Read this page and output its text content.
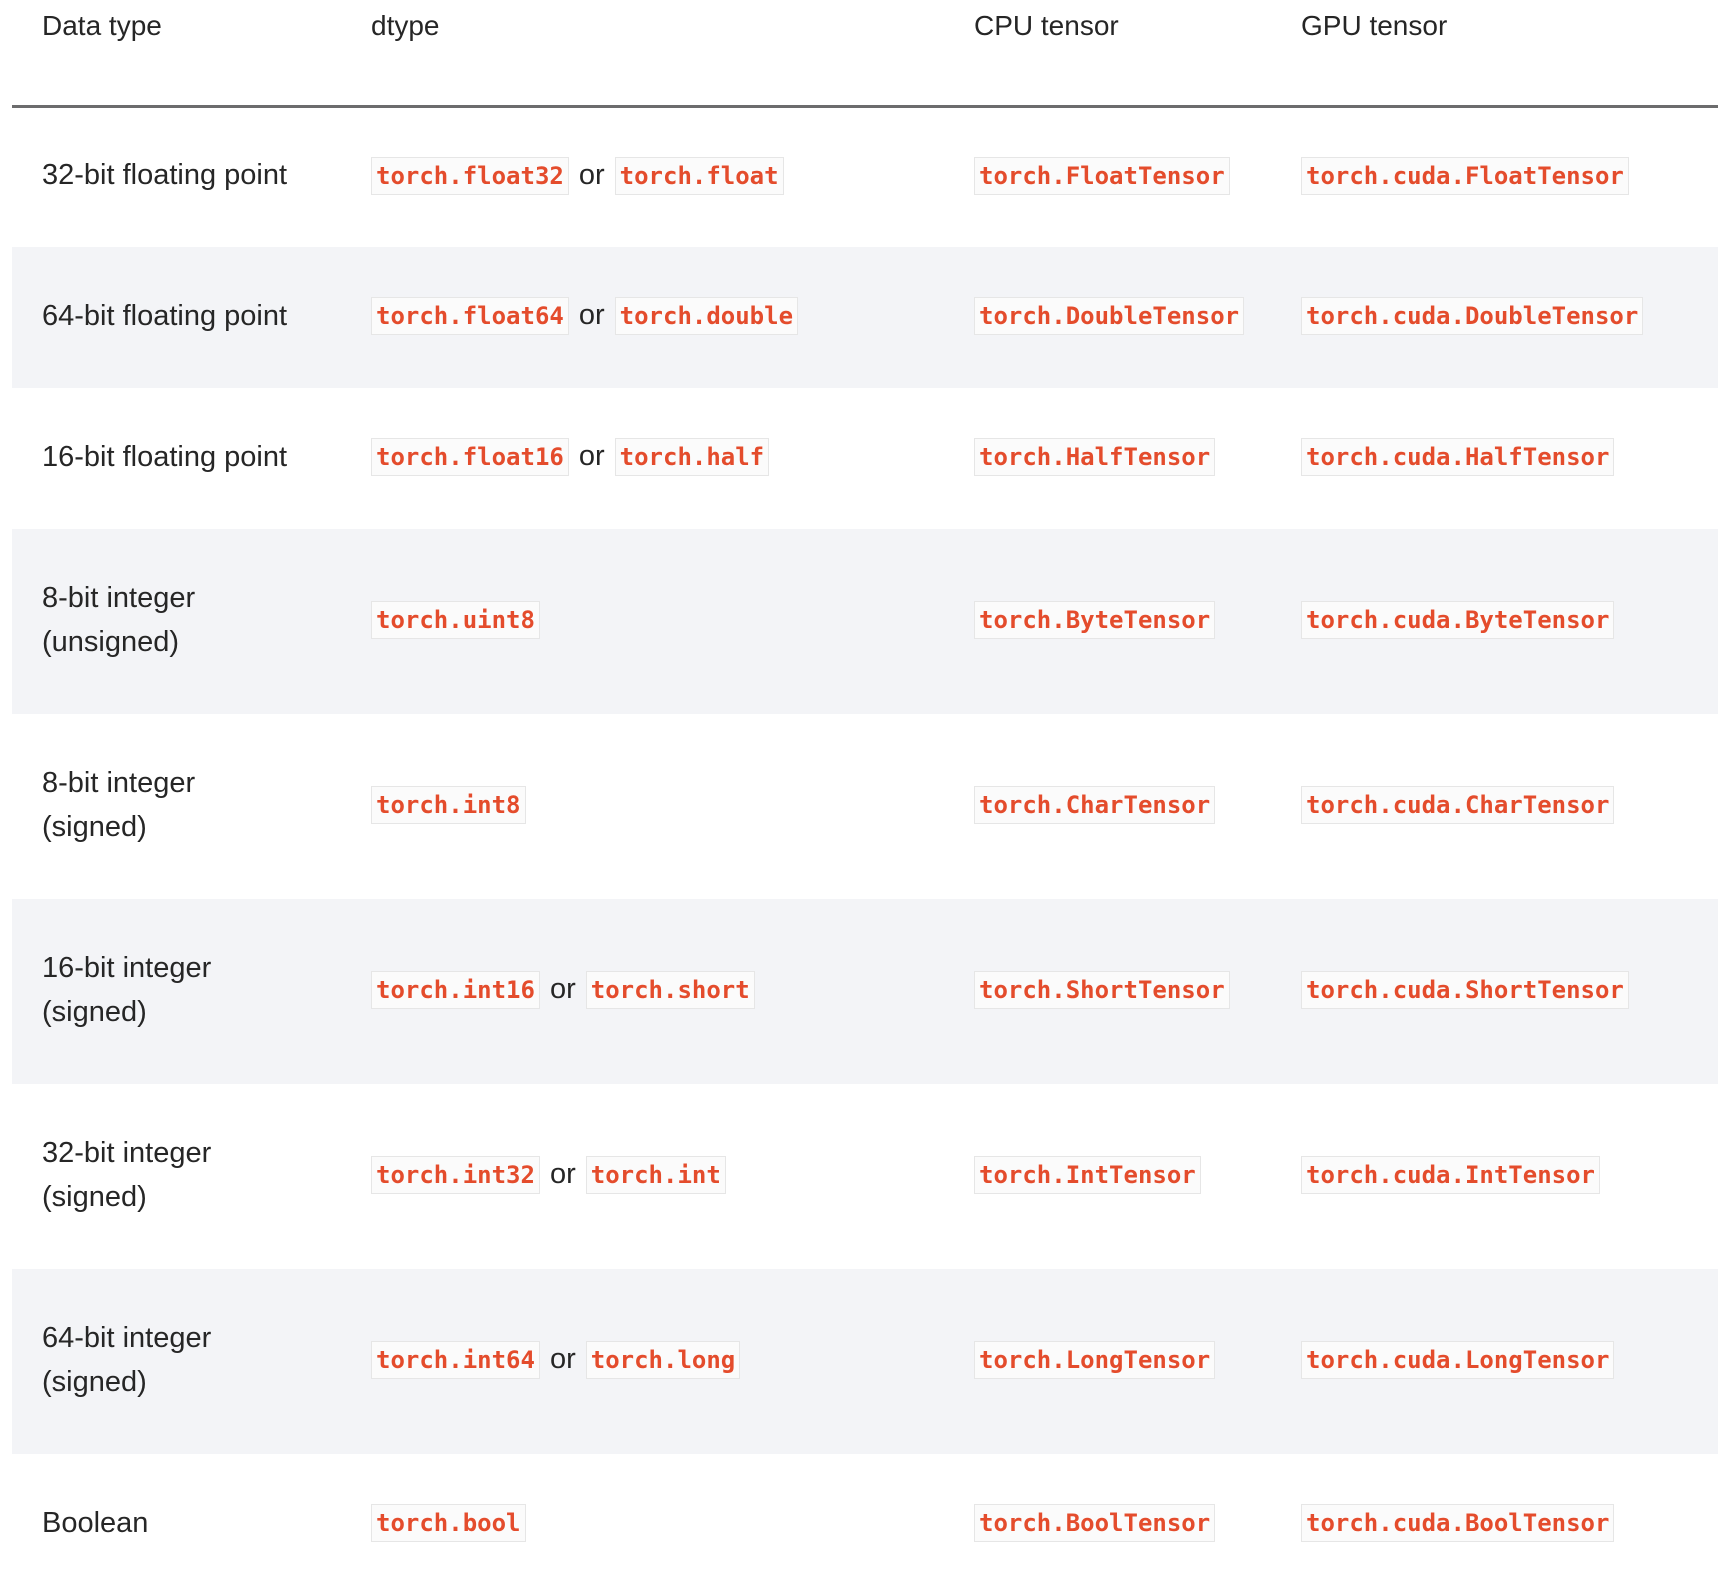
Data type	dtype	CPU tensor	GPU tensor

32-bit floating point	torch.float32 or torch.float	torch.FloatTensor	torch.cuda.FloatTensor

64-bit floating point	torch.float64 or torch.double	torch.DoubleTensor	torch.cuda.DoubleTensor

16-bit floating point	torch.float16 or torch.half	torch.HalfTensor	torch.cuda.HalfTensor

8-bit integer (unsigned)	torch.uint8	torch.ByteTensor	torch.cuda.ByteTensor

8-bit integer (signed)	torch.int8	torch.CharTensor	torch.cuda.CharTensor

16-bit integer (signed)	torch.int16 or torch.short	torch.ShortTensor	torch.cuda.ShortTensor

32-bit integer (signed)	torch.int32 or torch.int	torch.IntTensor	torch.cuda.IntTensor

64-bit integer (signed)	torch.int64 or torch.long	torch.LongTensor	torch.cuda.LongTensor

Boolean	torch.bool	torch.BoolTensor	torch.cuda.BoolTensor
